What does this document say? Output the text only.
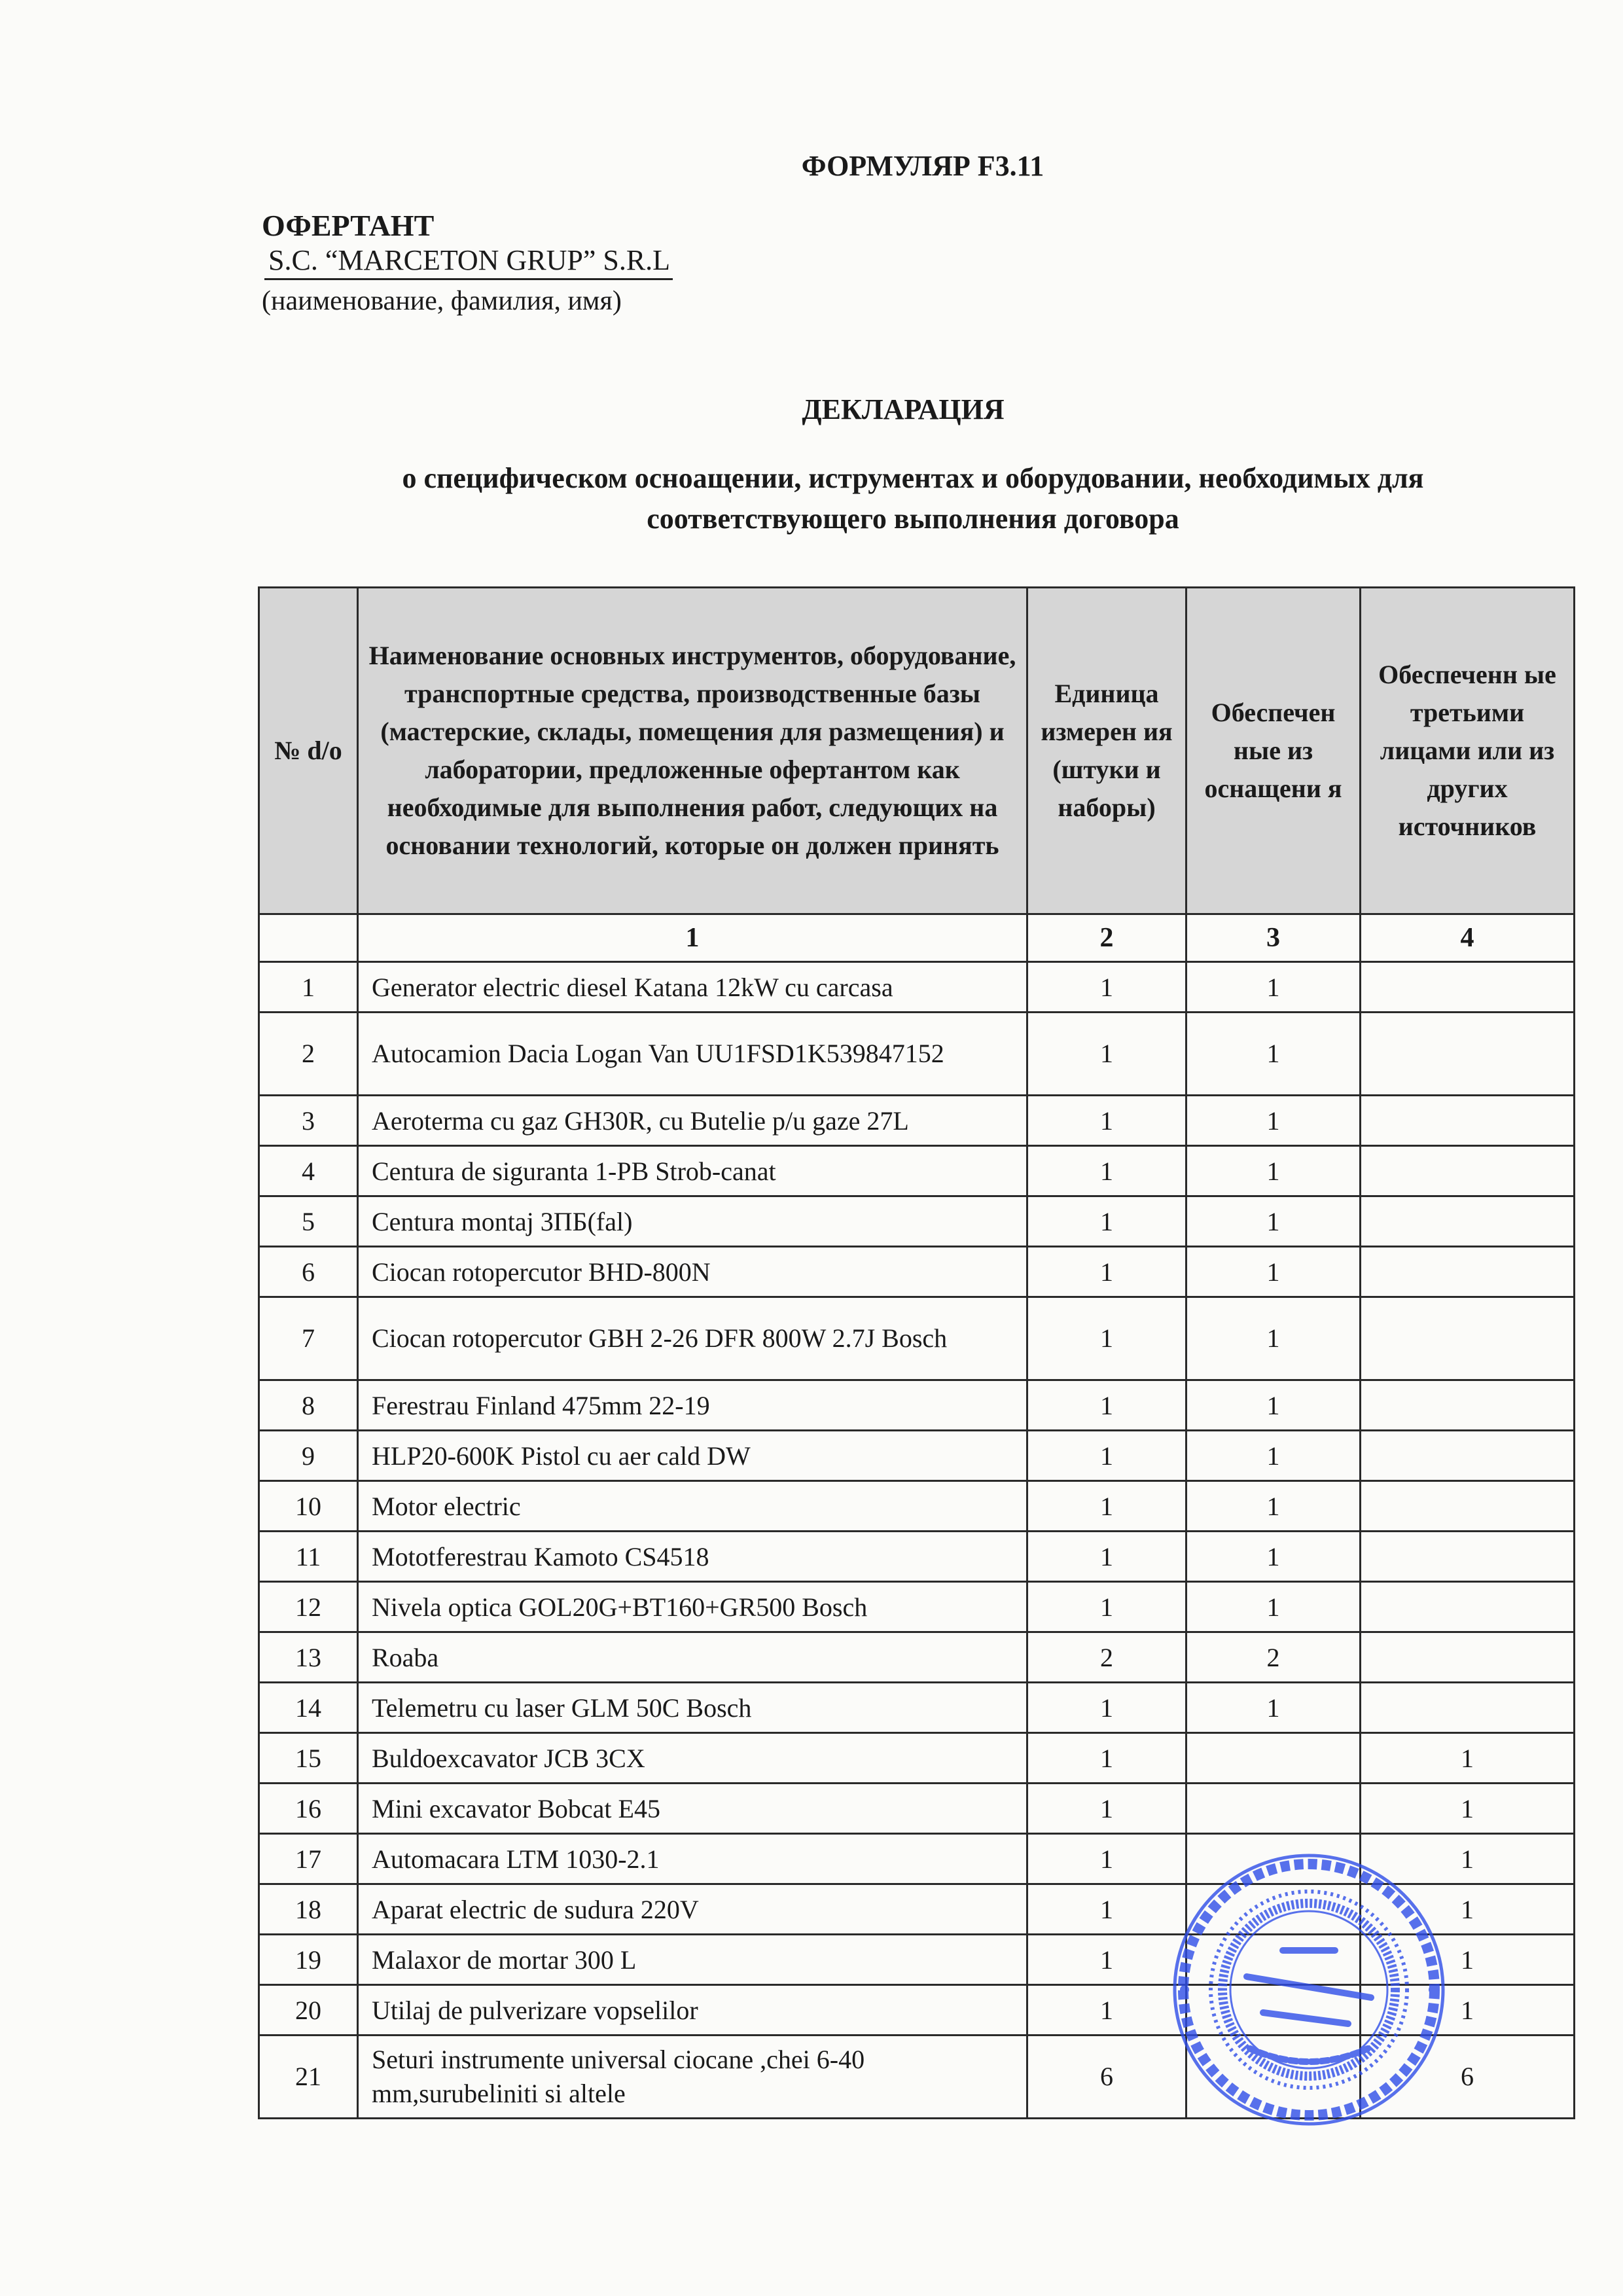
ФОРМУЛЯР F3.11
ОФЕРТАНТ
S.C. “MARCETON GRUP” S.R.L
(наименование, фамилия, имя)
ДЕКЛАРАЦИЯ
о специфическом осноащении, иструментах и оборудовании, необходимых для соответствующего выполнения договора
№ d/o	Наименование основных инструментов, оборудование, транспортные средства, производственные базы (мастерские, склады, помещения для размещения) и лаборатории, предложенные офертантом как необходимые для выполнения работ, следующих на основании технологий, которые он должен принять	Единица измерен ия (штуки и наборы)	Обеспечен ные из оснащени я	Обеспеченн ые третьими лицами или из других источников
	1	2	3	4
1	Generator electric diesel Katana 12kW cu carcasa	1	1	
2	Autocamion Dacia Logan Van UU1FSD1K539847152	1	1	
3	Aeroterma cu gaz GH30R, cu Butelie p/u gaze 27L	1	1	
4	Centura de siguranta 1-PB Strob-canat	1	1	
5	Centura montaj 3ПБ(fal)	1	1	
6	Ciocan rotopercutor BHD-800N	1	1	
7	Ciocan rotopercutor GBH 2-26 DFR 800W 2.7J Bosch	1	1	
8	Ferestrau Finland 475mm 22-19	1	1	
9	HLP20-600K Pistol cu aer cald DW	1	1	
10	Motor electric	1	1	
11	Mototferestrau Kamoto CS4518	1	1	
12	Nivela optica GOL20G+BT160+GR500 Bosch	1	1	
13	Roaba	2	2	
14	Telemetru cu laser GLM 50C Bosch	1	1	
15	Buldoexcavator JCB 3CX	1		1
16	Mini excavator Bobcat E45	1		1
17	Automacara LTM 1030-2.1	1		1
18	Aparat electric de sudura 220V	1		1
19	Malaxor de mortar 300 L	1		1
20	Utilaj de pulverizare vopselilor	1		1
21	Seturi instrumente universal ciocane ,chei 6-40 mm,surubeliniti si altele	6		6
